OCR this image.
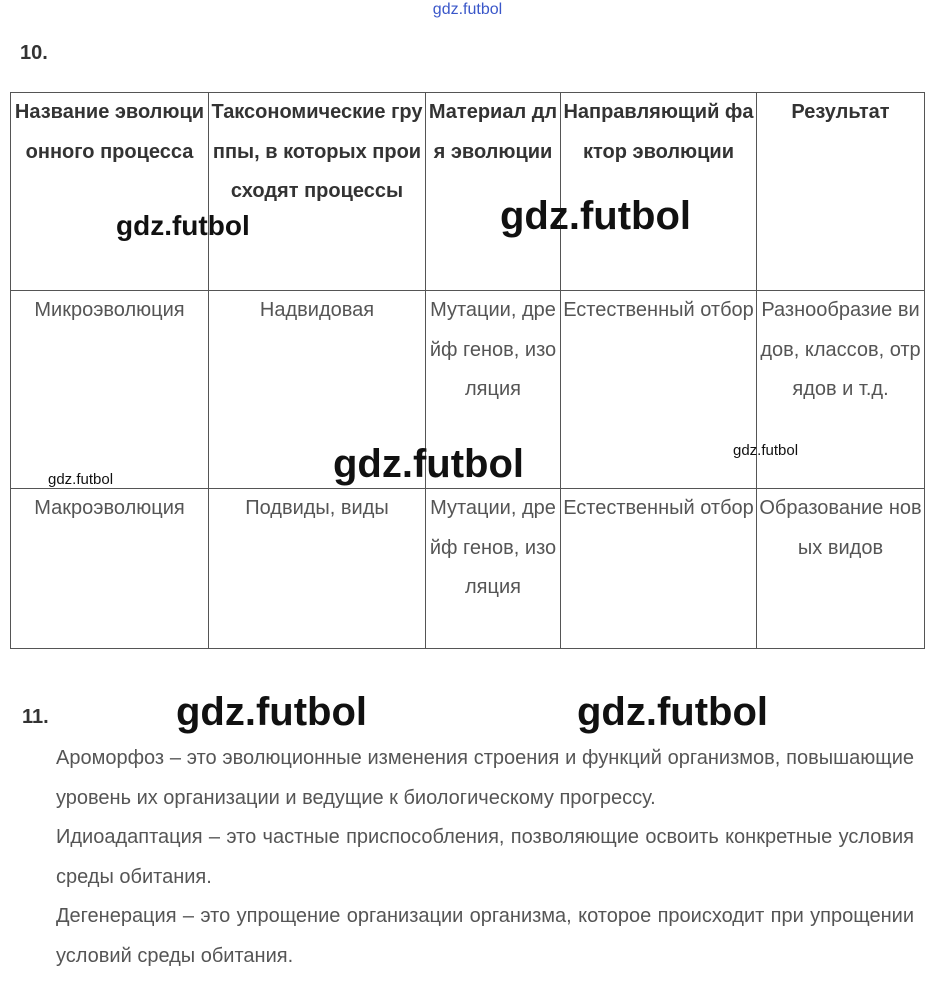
gdz.futbol
10.
Название эволюционного процесса	Таксономические группы, в которых происходят процессы	Материал для эволюции	Направляющий фактор эволюции	Результат
Микроэволюция	Надвидовая	Мутации, дрейф генов, изоляция	Естественный отбор	Разнообразие видов, классов, отрядов и т.д.
Макроэволюция	Подвиды, виды	Мутации, дрейф генов, изоляция	Естественный отбор	Образование новых видов
gdz.futbol	gdz.futbol
gdz.futbol	gdz.futbol	gdz.futbol
11.	gdz.futbol	gdz.futbol
Ароморфоз – это эволюционные изменения строения и функций организмов, повышающие уровень их организации и ведущие к биологическому прогрессу.
Идиоадаптация – это частные приспособления, позволяющие освоить конкретные условия среды обитания.
Дегенерация – это упрощение организации организма, которое происходит при упрощении условий среды обитания.
